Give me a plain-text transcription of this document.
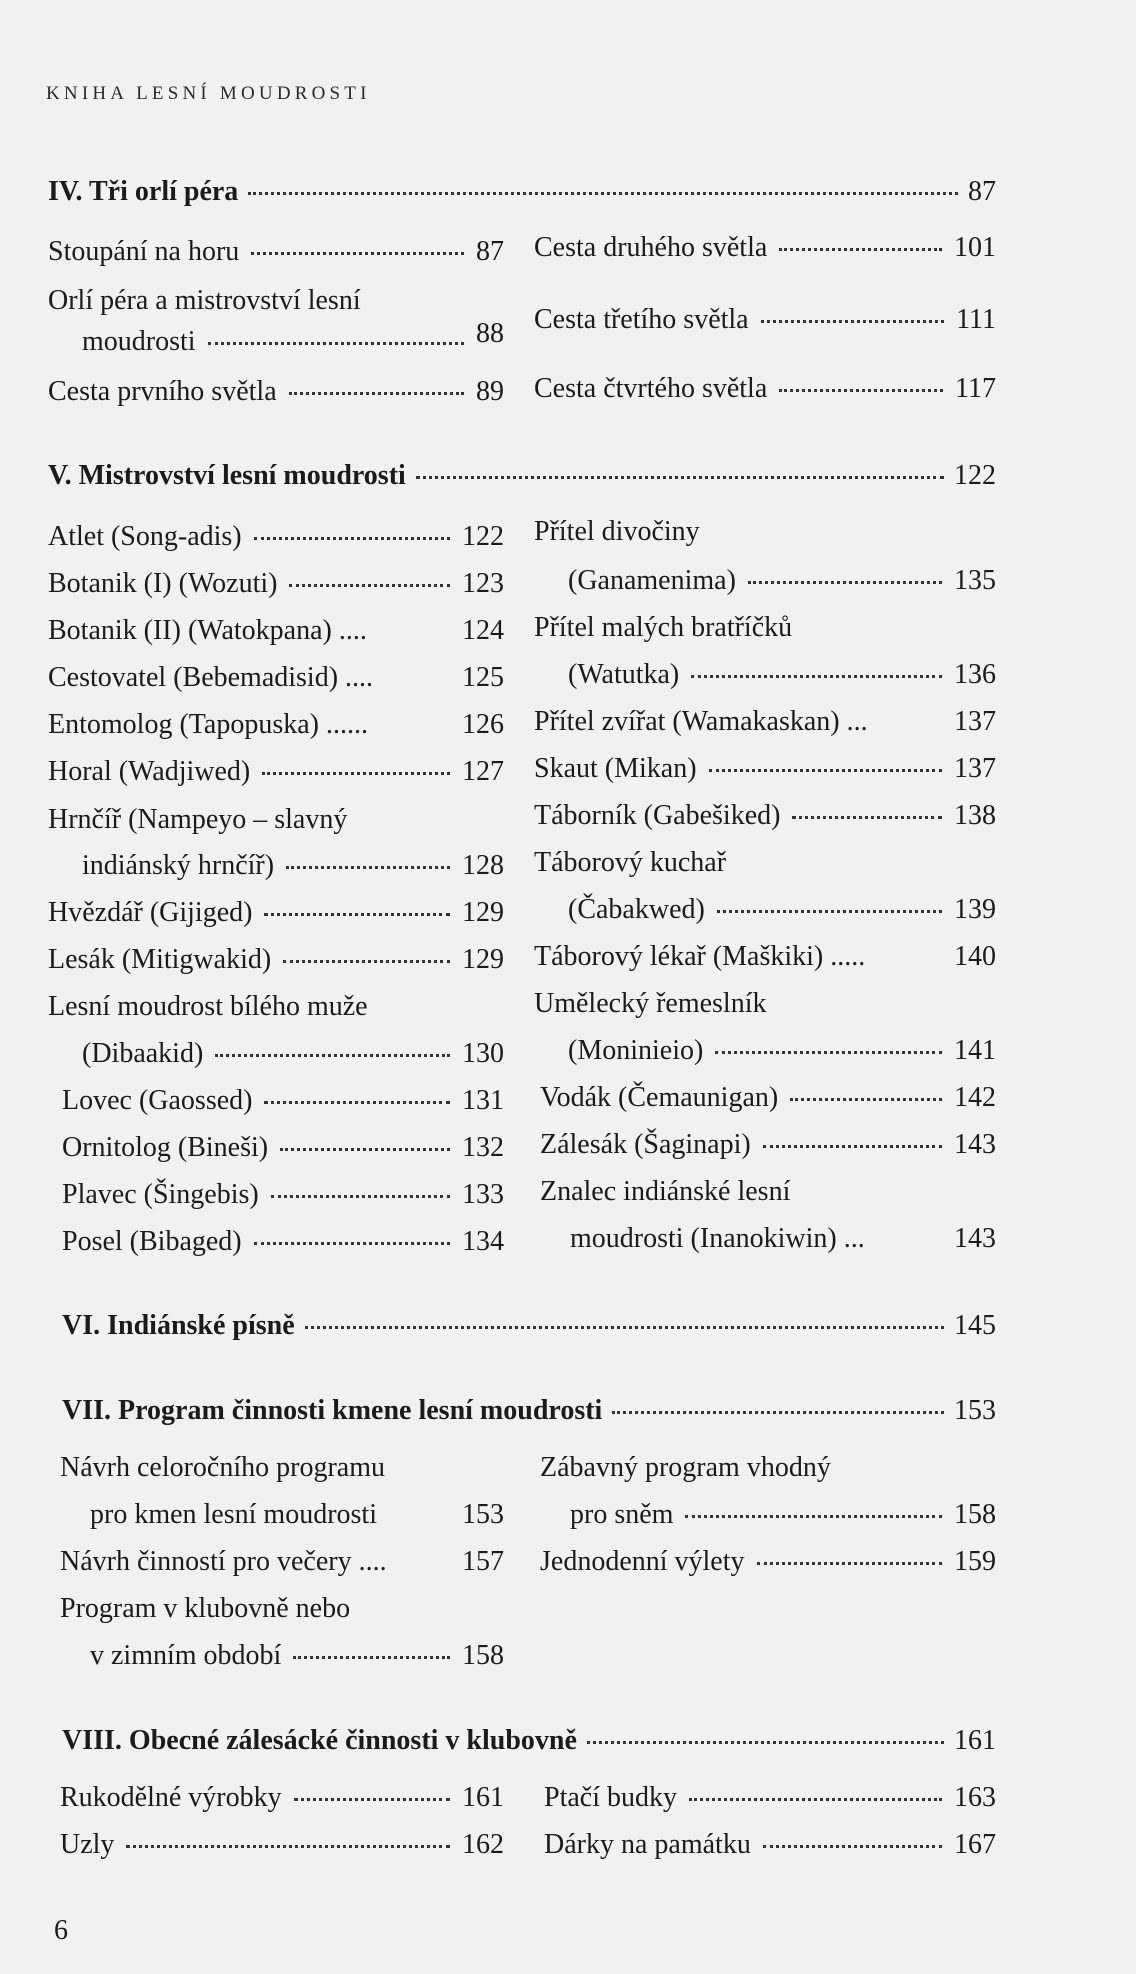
KNIHA LESNÍ MOUDROSTI
IV. Tři orlí péra	87
Stoupání na horu	87
Orlí péra a mistrovství lesní
moudrosti	88
Cesta prvního světla	89
Cesta druhého světla	101
Cesta třetího světla	111
Cesta čtvrtého světla	117
V. Mistrovství lesní moudrosti	122
Atlet (Song-adis)	122
Botanik (I) (Wozuti)	123
Botanik (II) (Watokpana) ....	124
Cestovatel (Bebemadisid) ....	125
Entomolog (Tapopuska) ......	126
Horal (Wadjiwed)	127
Hrnčíř (Nampeyo – slavný
indiánský hrnčíř)	128
Hvězdář (Gijiged)	129
Lesák (Mitigwakid)	129
Lesní moudrost bílého muže
(Dibaakid)	130
Lovec (Gaossed)	131
Ornitolog (Bineši)	132
Plavec (Šingebis)	133
Posel (Bibaged)	134
Přítel divočiny
(Ganamenima)	135
Přítel malých bratříčků
(Watutka)	136
Přítel zvířat (Wamakaskan) ...	137
Skaut (Mikan)	137
Táborník (Gabešiked)	138
Táborový kuchař
(Čabakwed)	139
Táborový lékař (Maškiki) .....	140
Umělecký řemeslník
(Moninieio)	141
Vodák (Čemaunigan)	142
Zálesák (Šaginapi)	143
Znalec indiánské lesní
moudrosti (Inanokiwin) ...	143
VI. Indiánské písně	145
VII. Program činnosti kmene lesní moudrosti	153
Návrh celoročního programu
pro kmen lesní moudrosti	153
Návrh činností pro večery ....	157
Program v klubovně nebo
v zimním období	158
Zábavný program vhodný
pro sněm	158
Jednodenní výlety	159
VIII. Obecné zálesácké činnosti v klubovně	161
Rukodělné výrobky	161
Uzly	162
Ptačí budky	163
Dárky na památku	167
6
